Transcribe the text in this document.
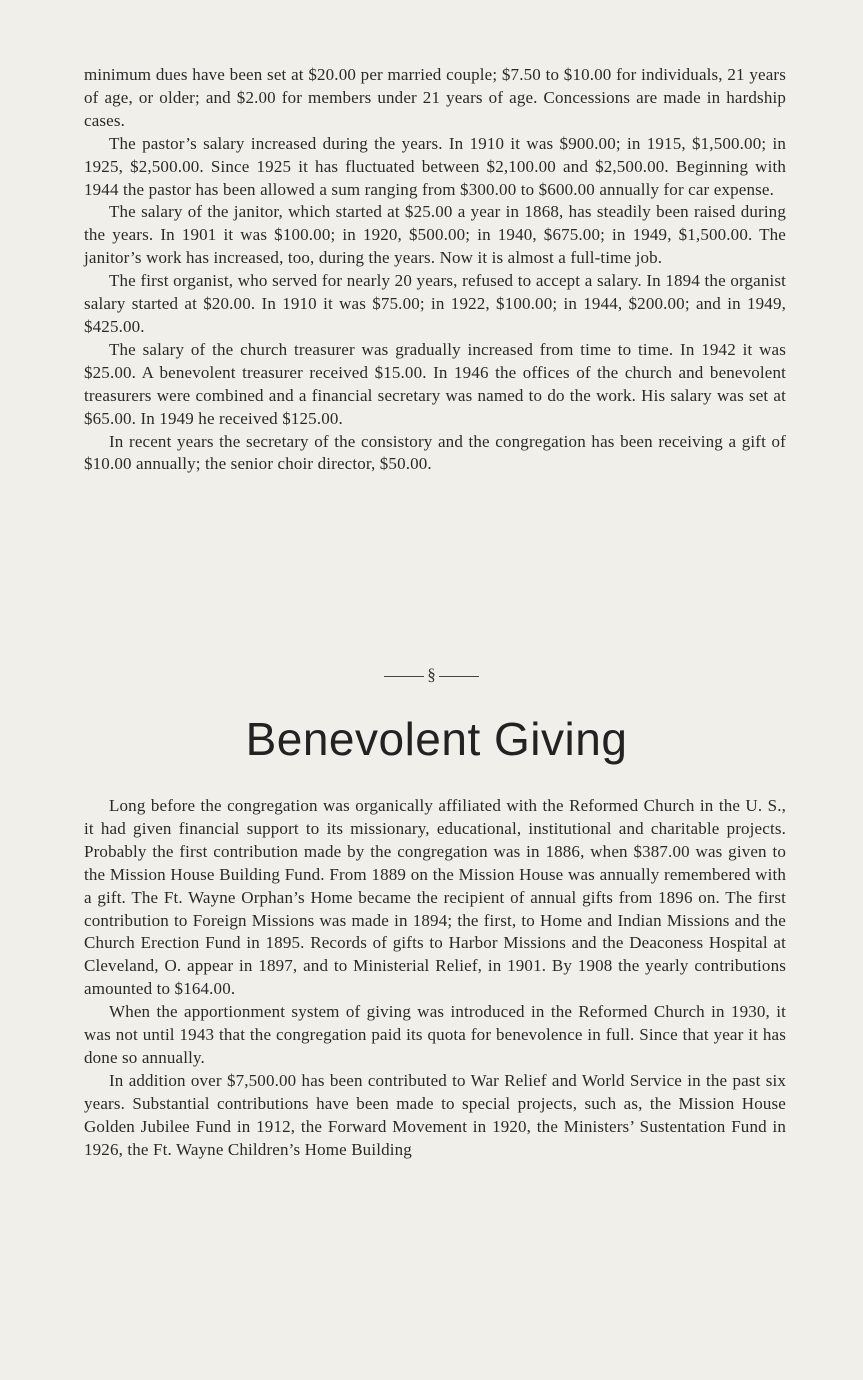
minimum dues have been set at $20.00 per married couple; $7.50 to $10.00 for individuals, 21 years of age, or older; and $2.00 for members under 21 years of age. Concessions are made in hardship cases.

The pastor’s salary increased during the years. In 1910 it was $900.00; in 1915, $1,500.00; in 1925, $2,500.00. Since 1925 it has fluctuated between $2,100.00 and $2,500.00. Beginning with 1944 the pastor has been allowed a sum ranging from $300.00 to $600.00 annually for car expense.

The salary of the janitor, which started at $25.00 a year in 1868, has steadily been raised during the years. In 1901 it was $100.00; in 1920, $500.00; in 1940, $675.00; in 1949, $1,500.00. The janitor’s work has increased, too, during the years. Now it is almost a full-time job.

The first organist, who served for nearly 20 years, refused to accept a salary. In 1894 the organist salary started at $20.00. In 1910 it was $75.00; in 1922, $100.00; in 1944, $200.00; and in 1949, $425.00.

The salary of the church treasurer was gradually increased from time to time. In 1942 it was $25.00. A benevolent treasurer received $15.00. In 1946 the offices of the church and benevolent treasurers were combined and a financial secretary was named to do the work. His salary was set at $65.00. In 1949 he received $125.00.

In recent years the secretary of the consistory and the congregation has been receiving a gift of $10.00 annually; the senior choir director, $50.00.

§
Benevolent Giving

Long before the congregation was organically affiliated with the Reformed Church in the U. S., it had given financial support to its missionary, educational, institutional and charitable projects. Probably the first contribution made by the congregation was in 1886, when $387.00 was given to the Mission House Building Fund. From 1889 on the Mission House was annually remembered with a gift. The Ft. Wayne Orphan’s Home became the recipient of annual gifts from 1896 on. The first contribution to Foreign Missions was made in 1894; the first, to Home and Indian Missions and the Church Erection Fund in 1895. Records of gifts to Harbor Missions and the Deaconess Hospital at Cleveland, O. appear in 1897, and to Ministerial Relief, in 1901. By 1908 the yearly contributions amounted to $164.00.

When the apportionment system of giving was introduced in the Reformed Church in 1930, it was not until 1943 that the congregation paid its quota for benevolence in full. Since that year it has done so annually.

In addition over $7,500.00 has been contributed to War Relief and World Service in the past six years. Substantial contributions have been made to special projects, such as, the Mission House Golden Jubilee Fund in 1912, the Forward Movement in 1920, the Ministers’ Sustentation Fund in 1926, the Ft. Wayne Children’s Home Building
